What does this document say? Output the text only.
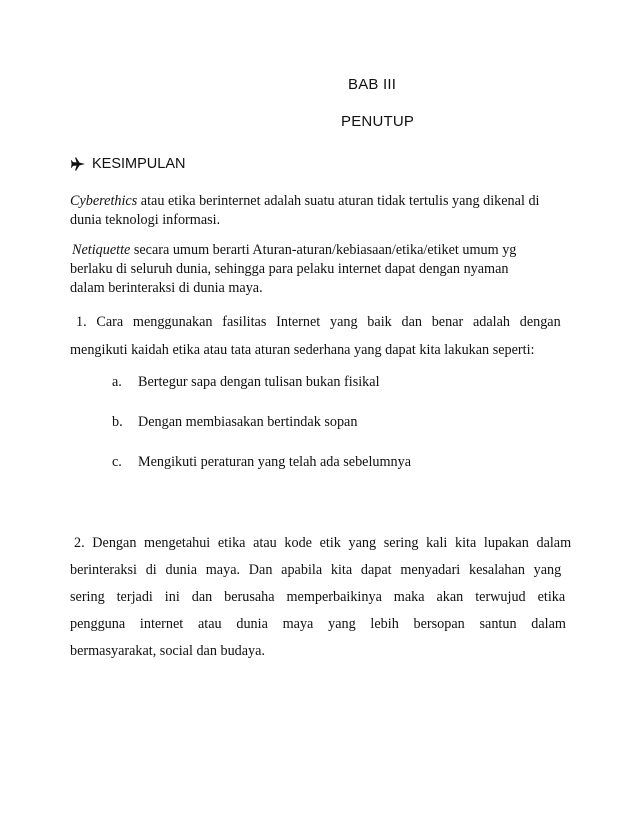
BAB III
PENUTUP
KESIMPULAN

Cyberethics atau etika berinternet adalah suatu aturan tidak tertulis yang dikenal di
dunia teknologi informasi.

Netiquette secara umum berarti Aturan-aturan/kebiasaan/etika/etiket umum yg
berlaku di seluruh dunia, sehingga para pelaku internet dapat dengan nyaman
dalam berinteraksi di dunia maya.

1. Cara menggunakan fasilitas Internet yang baik dan benar adalah dengan
mengikuti kaidah etika atau tata aturan sederhana yang dapat kita lakukan seperti:

a.	Bertegur sapa dengan tulisan bukan fisikal
b.	Dengan membiasakan bertindak sopan
c.	Mengikuti peraturan yang telah ada sebelumnya

2. Dengan mengetahui etika atau kode etik yang sering kali kita lupakan dalam
berinteraksi di dunia maya. Dan apabila kita dapat menyadari kesalahan yang
sering terjadi ini dan berusaha memperbaikinya maka akan terwujud etika
pengguna internet atau dunia maya yang lebih bersopan santun dalam
bermasyarakat, social dan budaya.
